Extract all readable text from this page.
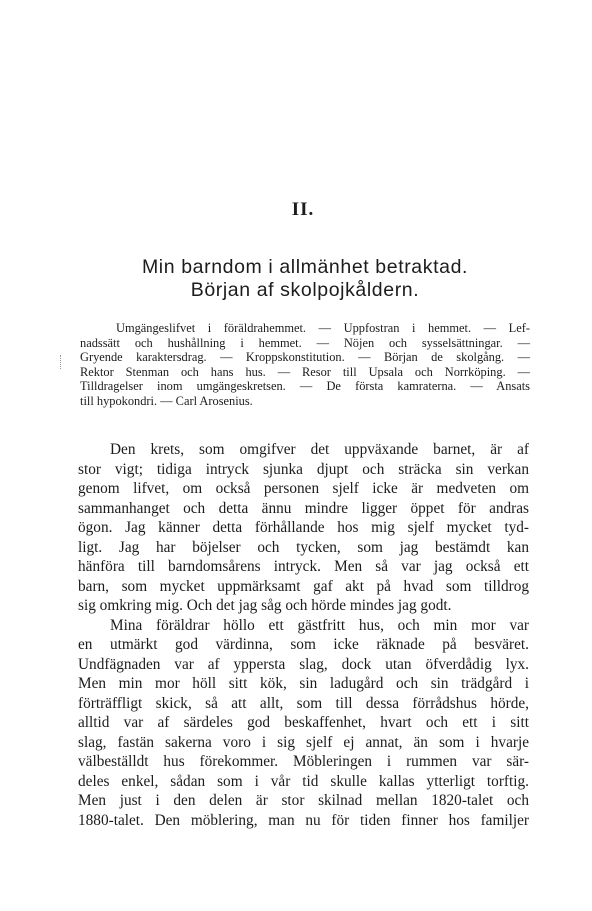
II.
Min barndom i allmänhet betraktad.
Början af skolpojkåldern.
Umgängeslifvet i föräldrahemmet. — Uppfostran i hemmet. — Lef-
nadssätt och hushållning i hemmet. — Nöjen och sysselsättningar. —
Gryende karaktersdrag. — Kroppskonstitution. — Början de skolgång. —
Rektor Stenman och hans hus. — Resor till Upsala och Norrköping. —
Tilldragelser inom umgängeskretsen. — De första kamraterna. — Ansats
till hypokondri. — Carl Arosenius.
Den krets, som omgifver det uppväxande barnet, är af
stor vigt; tidiga intryck sjunka djupt och sträcka sin verkan
genom lifvet, om också personen sjelf icke är medveten om
sammanhanget och detta ännu mindre ligger öppet för andras
ögon. Jag känner detta förhållande hos mig sjelf mycket tyd-
ligt. Jag har böjelser och tycken, som jag bestämdt kan
hänföra till barndomsårens intryck. Men så var jag också ett
barn, som mycket uppmärksamt gaf akt på hvad som tilldrog
sig omkring mig. Och det jag såg och hörde mindes jag godt.
Mina föräldrar höllo ett gästfritt hus, och min mor var
en utmärkt god värdinna, som icke räknade på besväret.
Undfägnaden var af yppersta slag, dock utan öfverdådig lyx.
Men min mor höll sitt kök, sin ladugård och sin trädgård i
förträffligt skick, så att allt, som till dessa förrådshus hörde,
alltid var af särdeles god beskaffenhet, hvart och ett i sitt
slag, fastän sakerna voro i sig sjelf ej annat, än som i hvarje
välbeställdt hus förekommer. Möbleringen i rummen var sär-
deles enkel, sådan som i vår tid skulle kallas ytterligt torftig.
Men just i den delen är stor skilnad mellan 1820-talet och
1880-talet. Den möblering, man nu för tiden finner hos familjer
